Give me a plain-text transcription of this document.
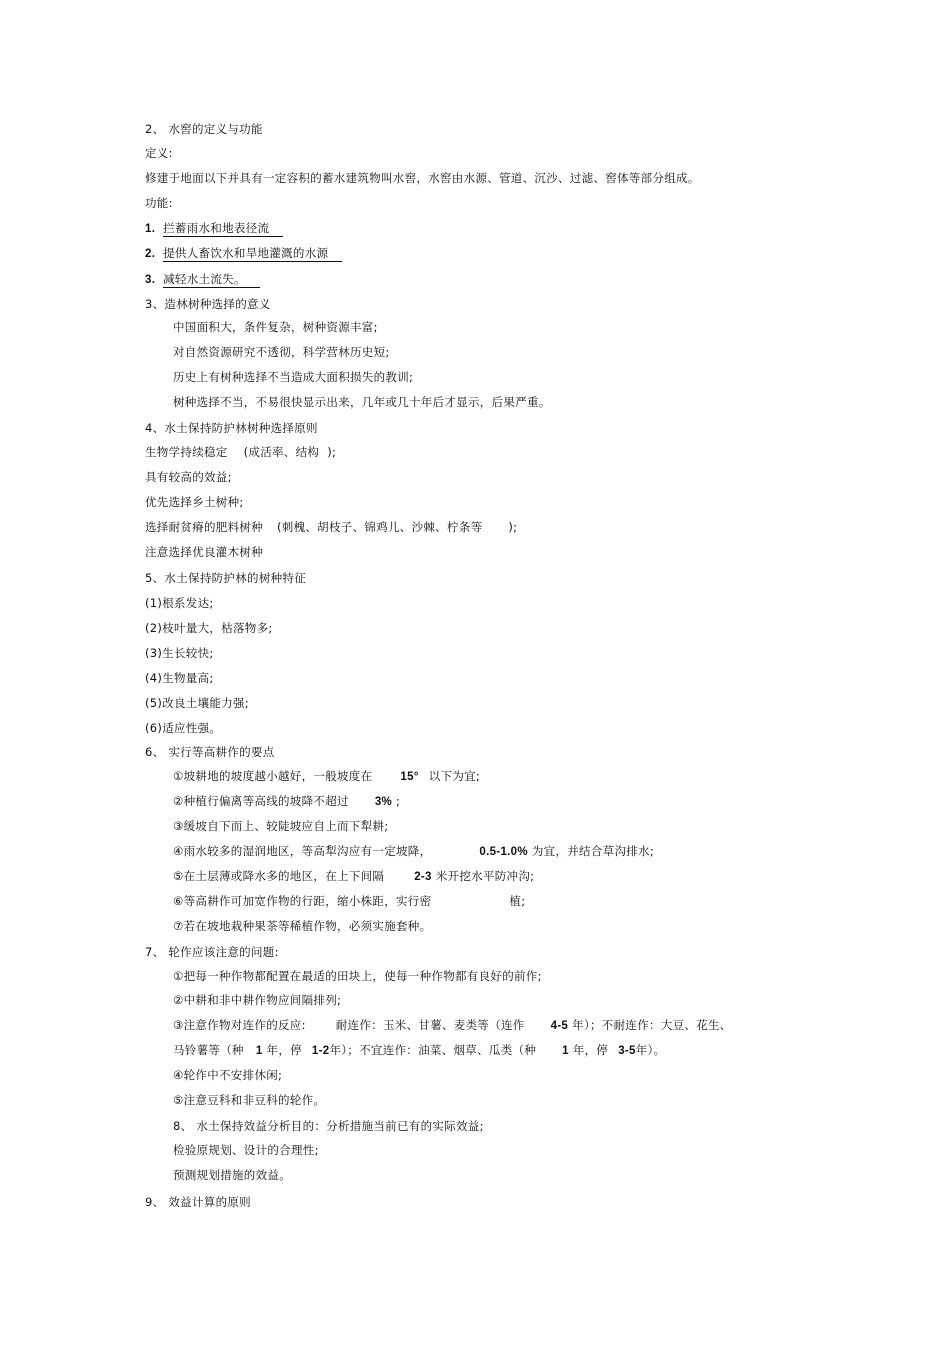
2、 水窖的定义与功能
定义:
修建于地面以下并具有一定容积的蓄水建筑物叫水窖，水窖由水源、管道、沉沙、过滤、窖体等部分组成。
功能:
1. 拦蓄雨水和地表径流
2. 提供人畜饮水和旱地灌溉的水源
3. 减轻水土流失。
3、造林树种选择的意义
中国面积大，条件复杂，树种资源丰富;
对自然资源研究不透彻，科学营林历史短;
历史上有树种选择不当造成大面积损失的教训;
树种选择不当，不易很快显示出来，几年或几十年后才显示，后果严重。
4、水土保持防护林树种选择原则
生物学持续稳定 (成活率、结构 );
具有较高的效益;
优先选择乡土树种;
选择耐贫瘠的肥料树种 (刺槐、胡枝子、锦鸡儿、沙棘、柠条等 );
注意选择优良灌木树种
5、水土保持防护林的树种特征
(1)根系发达;
(2)枝叶量大，枯落物多;
(3)生长较快;
(4)生物量高;
(5)改良土壤能力强;
(6)适应性强。
6、 实行等高耕作的要点
①坡耕地的坡度越小越好，一般坡度在 15° 以下为宜;
②种植行偏离等高线的坡降不超过 3% ;
③缓坡自下而上、较陡坡应自上而下犁耕;
④雨水较多的湿润地区，等高犁沟应有一定坡降，	0.5-1.0% 为宜，并结合草沟排水;
⑤在土层薄或降水多的地区，在上下间隔	2-3 米开挖水平防冲沟;
⑥等高耕作可加宽作物的行距，缩小株距，实行密	植;
⑦若在坡地栽种果茶等稀植作物，必须实施套种。
7、 轮作应该注意的问题:
①把每一种作物都配置在最适的田块上，使每一种作物都有良好的前作;
②中耕和非中耕作物应间隔排列;
③注意作物对连作的反应:	耐连作：玉米、甘薯、麦类等（连作 4-5 年）；不耐连作：大豆、花生、
马铃薯等（种 1 年，停 1-2年）；不宜连作：油菜、烟草、瓜类（种 1 年，停 3-5年）。
④轮作中不安排休闲;
⑤注意豆科和非豆科的轮作。
8、 水土保持效益分析目的：分析措施当前已有的实际效益;
检验原规划、设计的合理性;
预测规划措施的效益。
9、 效益计算的原则
